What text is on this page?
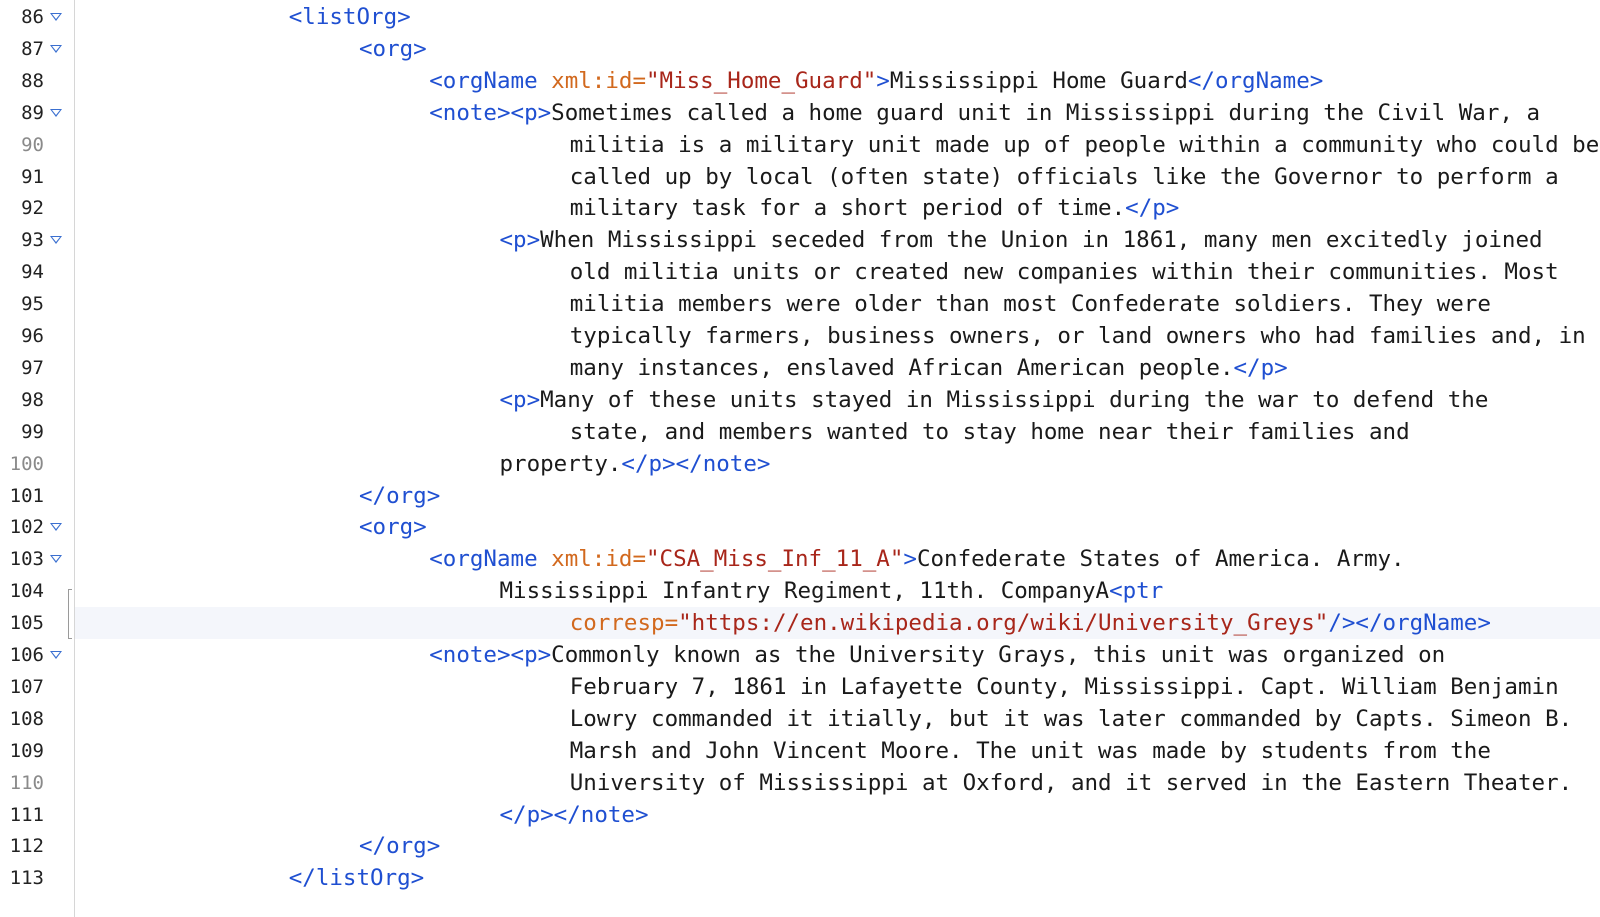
86
87
88
89
90
91
92
93
94
95
96
97
98
99
100
101
102
103
104
105
106
107
108
109
110
111
112
113
<listOrg>
<org>
<orgName xml:id="Miss_Home_Guard">Mississippi Home Guard</orgName>
<note><p>Sometimes called a home guard unit in Mississippi during the Civil War, a
militia is a military unit made up of people within a community who could be
called up by local (often state) officials like the Governor to perform a
military task for a short period of time.</p>
<p>When Mississippi seceded from the Union in 1861, many men excitedly joined
old militia units or created new companies within their communities. Most
militia members were older than most Confederate soldiers. They were
typically farmers, business owners, or land owners who had families and, in
many instances, enslaved African American people.</p>
<p>Many of these units stayed in Mississippi during the war to defend the
state, and members wanted to stay home near their families and
property.</p></note>
</org>
<org>
<orgName xml:id="CSA_Miss_Inf_11_A">Confederate States of America. Army.
Mississippi Infantry Regiment, 11th. CompanyA<ptr
corresp="https://en.wikipedia.org/wiki/University_Greys"/></orgName>
<note><p>Commonly known as the University Grays, this unit was organized on
February 7, 1861 in Lafayette County, Mississippi. Capt. William Benjamin
Lowry commanded it itially, but it was later commanded by Capts. Simeon B.
Marsh and John Vincent Moore. The unit was made by students from the
University of Mississippi at Oxford, and it served in the Eastern Theater.
</p></note>
</org>
</listOrg>
